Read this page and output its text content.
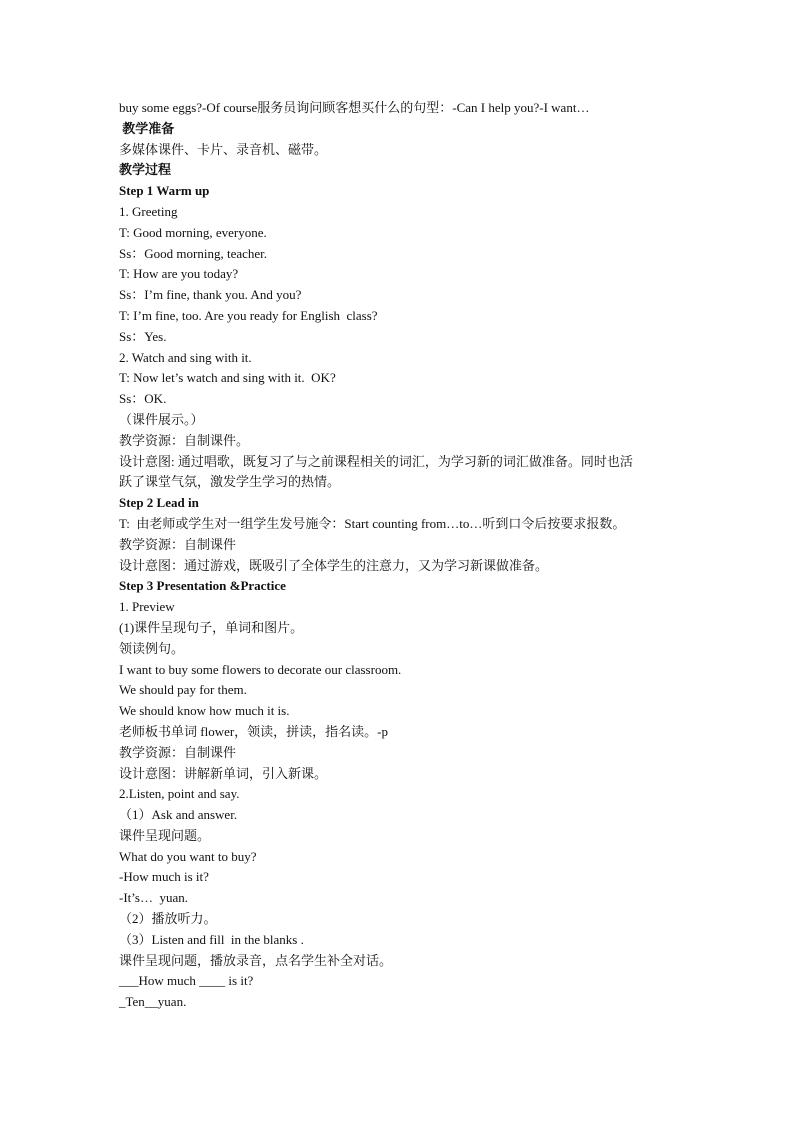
buy some eggs?-Of course服务员询问顾客想买什么的句型：-Can I help you?-I want…
教学准备
多媒体课件、卡片、录音机、磁带。
教学过程
Step 1 Warm up
1. Greeting
T: Good morning, everyone.
Ss：Good morning, teacher.
T: How are you today?
Ss：I’m fine, thank you. And you?
T: I’m fine, too. Are you ready for English  class?
Ss：Yes.
2. Watch and sing with it.
T: Now let’s watch and sing with it.  OK?
Ss：OK.
（课件展示。）
教学资源：自制课件。
设计意图: 通过唱歌，既复习了与之前课程相关的词汇，为学习新的词汇做准备。同时也活
跃了课堂气氛，激发学生学习的热情。
Step 2 Lead in
T:  由老师或学生对一组学生发号施令：Start counting from…to…听到口令后按要求报数。
教学资源：自制课件
设计意图：通过游戏，既吸引了全体学生的注意力，又为学习新课做准备。
Step 3 Presentation &Practice
1. Preview
(1)课件呈现句子，单词和图片。
领读例句。
I want to buy some flowers to decorate our classroom.
We should pay for them.
We should know how much it is.
老师板书单词 flower，领读，拼读，指名读。-p
教学资源：自制课件
设计意图：讲解新单词，引入新课。
2.Listen, point and say.
（1）Ask and answer.
课件呈现问题。
What do you want to buy?
-How much is it?
-It’s…  yuan.
（2）播放听力。
（3）Listen and fill  in the blanks .
课件呈现问题，播放录音，点名学生补全对话。
___How much ____ is it?
_Ten__yuan.
